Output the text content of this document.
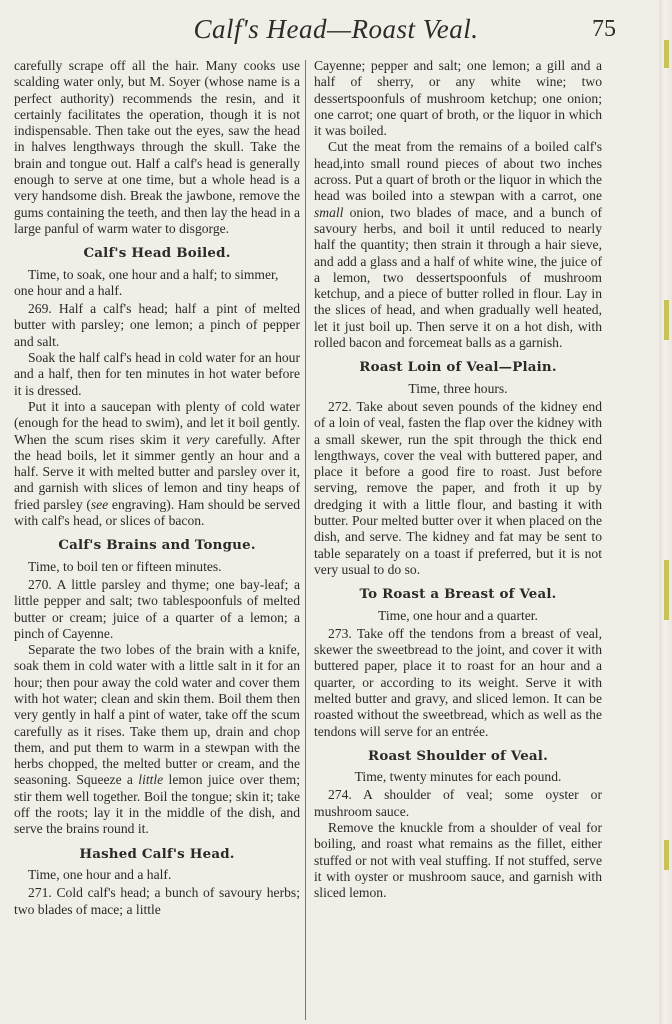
Calf's Head—Roast Veal.	75

carefully scrape off all the hair. Many cooks use scalding water only, but M. Soyer (whose name is a perfect authority) recommends the resin, and it certainly facilitates the operation, though it is not indispensable. Then take out the eyes, saw the head in halves lengthways through the skull. Take the brain and tongue out. Half a calf's head is generally enough to serve at one time, but a whole head is a very handsome dish. Break the jawbone, remove the gums containing the teeth, and then lay the head in a large panful of warm water to disgorge.

Calf's Head Boiled.

Time, to soak, one hour and a half; to simmer, one hour and a half.

269. Half a calf's head; half a pint of melted butter with parsley; one lemon; a pinch of pepper and salt.

Soak the half calf's head in cold water for an hour and a half, then for ten minutes in hot water before it is dressed.

Put it into a saucepan with plenty of cold water (enough for the head to swim), and let it boil gently. When the scum rises skim it very carefully. After the head boils, let it simmer gently an hour and a half. Serve it with melted butter and parsley over it, and garnish with slices of lemon and tiny heaps of fried parsley (see engraving). Ham should be served with calf's head, or slices of bacon.

Calf's Brains and Tongue.

Time, to boil ten or fifteen minutes.

270. A little parsley and thyme; one bay-leaf; a little pepper and salt; two tablespoonfuls of melted butter or cream; juice of a quarter of a lemon; a pinch of Cayenne.

Separate the two lobes of the brain with a knife, soak them in cold water with a little salt in it for an hour; then pour away the cold water and cover them with hot water; clean and skin them. Boil them then very gently in half a pint of water, take off the scum carefully as it rises. Take them up, drain and chop them, and put them to warm in a stewpan with the herbs chopped, the melted butter or cream, and the seasoning. Squeeze a little lemon juice over them; stir them well together. Boil the tongue; skin it; take off the roots; lay it in the middle of the dish, and serve the brains round it.

Hashed Calf's Head.

Time, one hour and a half.

271. Cold calf's head; a bunch of savoury herbs; two blades of mace; a little

Cayenne; pepper and salt; one lemon; a gill and a half of sherry, or any white wine; two dessertspoonfuls of mushroom ketchup; one onion; one carrot; one quart of broth, or the liquor in which it was boiled.

Cut the meat from the remains of a boiled calf's head,into small round pieces of about two inches across. Put a quart of broth or the liquor in which the head was boiled into a stewpan with a carrot, one small onion, two blades of mace, and a bunch of savoury herbs, and boil it until reduced to nearly half the quantity; then strain it through a hair sieve, and add a glass and a half of white wine, the juice of a lemon, two dessertspoonfuls of mushroom ketchup, and a piece of butter rolled in flour. Lay in the slices of head, and when gradually well heated, let it just boil up. Then serve it on a hot dish, with rolled bacon and forcemeat balls as a garnish.

Roast Loin of Veal—Plain.

Time, three hours.

272. Take about seven pounds of the kidney end of a loin of veal, fasten the flap over the kidney with a small skewer, run the spit through the thick end lengthways, cover the veal with buttered paper, and place it before a good fire to roast. Just before serving, remove the paper, and froth it up by dredging it with a little flour, and basting it with butter. Pour melted butter over it when placed on the dish, and serve. The kidney and fat may be sent to table separately on a toast if preferred, but it is not very usual to do so.

To Roast a Breast of Veal.

Time, one hour and a quarter.

273. Take off the tendons from a breast of veal, skewer the sweetbread to the joint, and cover it with buttered paper, place it to roast for an hour and a quarter, or according to its weight. Serve it with melted butter and gravy, and sliced lemon. It can be roasted without the sweetbread, which as well as the tendons will serve for an entrée.

Roast Shoulder of Veal.

Time, twenty minutes for each pound.

274. A shoulder of veal; some oyster or mushroom sauce.

Remove the knuckle from a shoulder of veal for boiling, and roast what remains as the fillet, either stuffed or not with veal stuffing. If not stuffed, serve it with oyster or mushroom sauce, and garnish with sliced lemon.
